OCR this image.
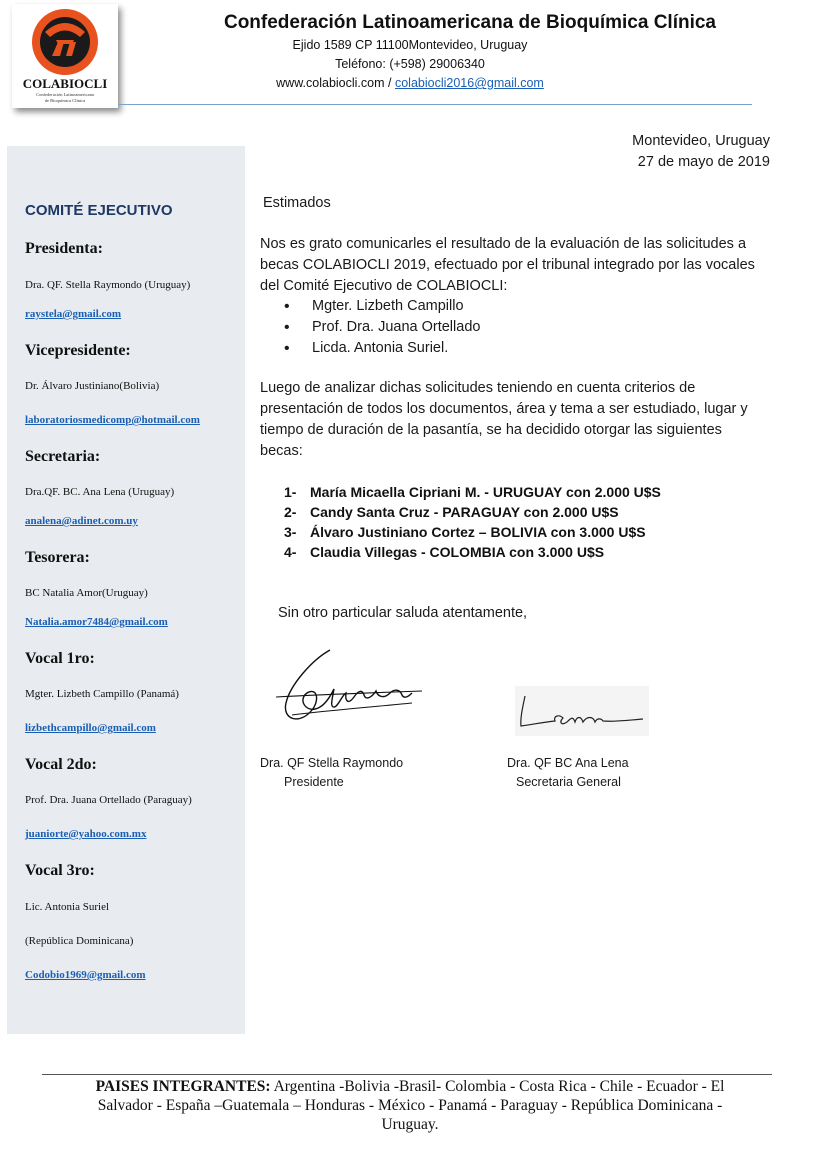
COLABIOCLI
Confederación Latinoamericana
de Bioquímica Clínica
Confederación Latinoamericana de Bioquímica Clínica
Ejido 1589 CP 11100Montevideo, Uruguay
Teléfono: (+598) 29006340
www.colabiocli.com / colabiocli2016@gmail.com
COMITÉ EJECUTIVO
Presidenta:
Dra. QF. Stella Raymondo (Uruguay)
raystela@gmail.com
Vicepresidente:
Dr. Álvaro Justiniano(Bolivia)
laboratoriosmedicomp@hotmail.com
Secretaria:
Dra.QF. BC. Ana Lena (Uruguay)
analena@adinet.com.uy
Tesorera:
BC Natalia Amor(Uruguay)
Natalia.amor7484@gmail.com
Vocal 1ro:
Mgter. Lizbeth Campillo (Panamá)
lizbethcampillo@gmail.com
Vocal 2do:
Prof. Dra. Juana Ortellado (Paraguay)
juaniorte@yahoo.com.mx
Vocal 3ro:
Lic. Antonia Suriel
(República Dominicana)
Codobio1969@gmail.com
Montevideo, Uruguay
27 de mayo de 2019
Estimados
Nos es grato comunicarles el resultado de la evaluación de las solicitudes a
becas COLABIOCLI 2019, efectuado por el tribunal integrado por las vocales
del Comité Ejecutivo de COLABIOCLI:
• Mgter. Lizbeth Campillo
• Prof. Dra. Juana Ortellado
• Licda. Antonia Suriel.
Luego de analizar dichas solicitudes teniendo en cuenta criterios de
presentación de todos los documentos, área y tema a ser estudiado, lugar y
tiempo de duración de la pasantía, se ha decidido otorgar las siguientes
becas:
1- María Micaella Cipriani M. - URUGUAY con 2.000 U$S
2- Candy Santa Cruz - PARAGUAY con 2.000 U$S
3- Álvaro Justiniano Cortez – BOLIVIA con 3.000 U$S
4- Claudia Villegas - COLOMBIA con 3.000 U$S
Sin otro particular saluda atentamente,
Dra. QF Stella Raymondo
Presidente
Dra. QF BC Ana Lena
Secretaria General
PAISES INTEGRANTES: Argentina -Bolivia -Brasil- Colombia - Costa Rica - Chile - Ecuador - El
Salvador - España –Guatemala – Honduras - México - Panamá - Paraguay - República Dominicana -
Uruguay.
